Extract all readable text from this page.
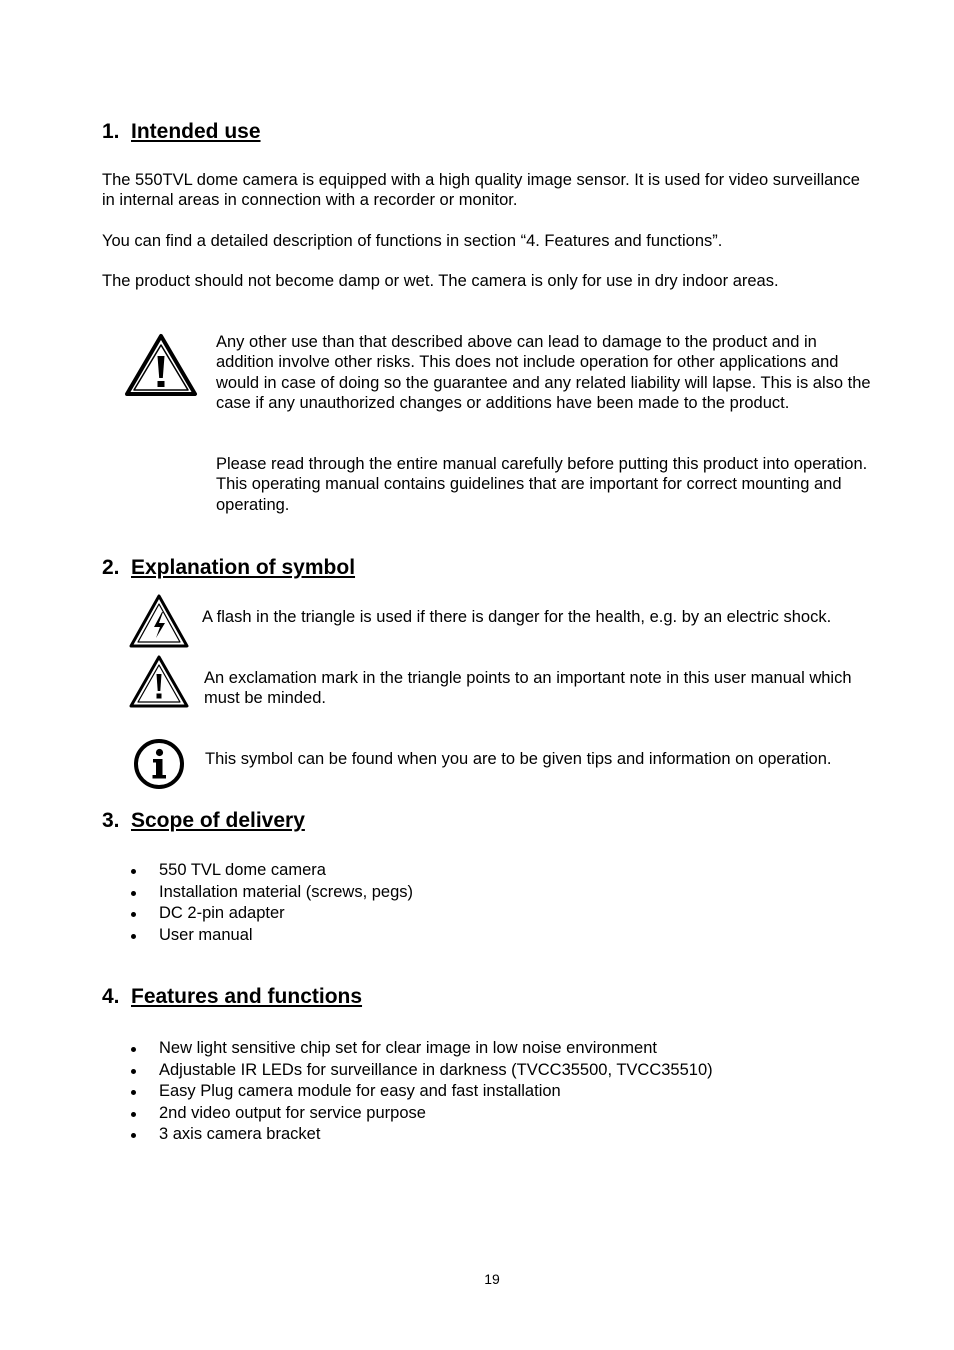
1. Intended use

The 550TVL dome camera is equipped with a high quality image sensor. It is used for video surveillance in internal areas in connection with a recorder or monitor.

You can find a detailed description of functions in section “4. Features and functions”.

The product should not become damp or wet. The camera is only for use in dry indoor areas.

Any other use than that described above can lead to damage to the product and in addition involve other risks. This does not include operation for other applications and would in case of doing so the guarantee and any related liability will lapse. This is also the case if any unauthorized changes or additions have been made to the product.

Please read through the entire manual carefully before putting this product into operation. This operating manual contains guidelines that are important for correct mounting and operating.

2. Explanation of symbol

A flash in the triangle is used if there is danger for the health, e.g. by an electric shock.

An exclamation mark in the triangle points to an important note in this user manual which must be minded.

This symbol can be found when you are to be given tips and information on operation.

3. Scope of delivery
550 TVL dome camera
Installation material (screws, pegs)
DC 2-pin adapter
User manual
4. Features and functions
New light sensitive chip set for clear image in low noise environment
Adjustable IR LEDs for surveillance in darkness (TVCC35500, TVCC35510)
Easy Plug camera module for easy and fast installation
2nd video output for service purpose
3 axis camera bracket
19
